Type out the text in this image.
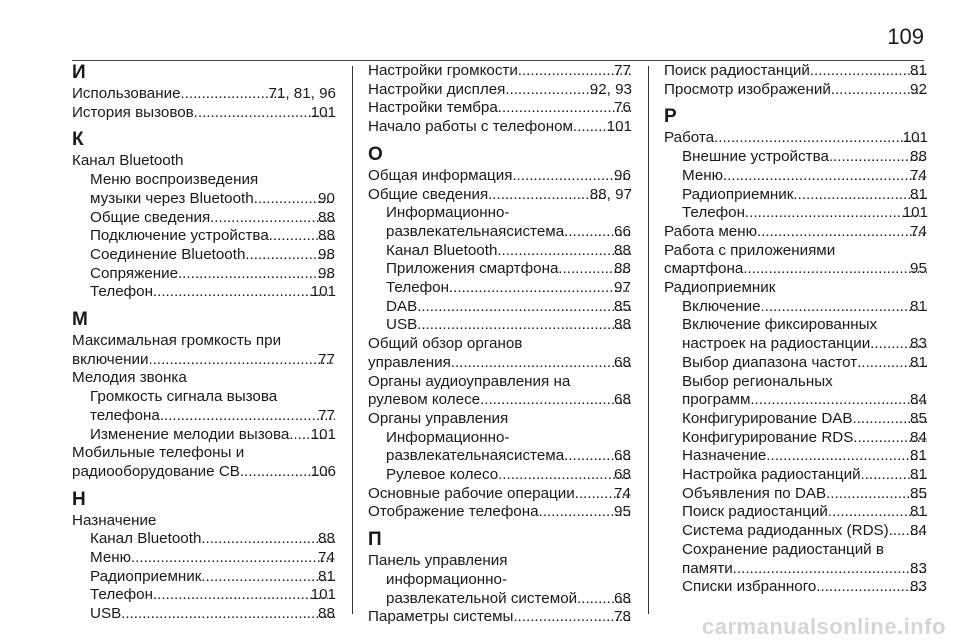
109
И
Использование .....	71, 81, 96
История вызовов .....	101
К
Канал Bluetooth
Меню воспроизведения
музыки через Bluetooth .....	90
Общие сведения .....	88
Подключение устройства .....	88
Соединение Bluetooth .....	98
Сопряжение .....	98
Телефон .....	101
М
Максимальная громкость при
включении .....	77
Мелодия звонка
Громкость сигнала вызова
телефона .....	77
Изменение мелодии вызова. ..... 101
Мобильные телефоны и
радиооборудование СВ .....	106
Н
Назначение
Канал Bluetooth .....	88
Меню .....	74
Радиоприемник .....	81
Телефон .....	101
USB .....	88
Настройки громкости .....	77
Настройки дисплея .....	92, 93
Настройки тембра .....	76
Начало работы с телефоном ..... 101
О
Общая информация .....	96
Общие сведения .....	88, 97
Информационно-
развлекательнаясистема .....	66
Канал Bluetooth .....	88
Приложения смартфона .....	88
Телефон .....	97
DAB .....	85
USB .....	88
Общий обзор органов
управления .....	68
Органы аудиоуправления на
рулевом колесе .....	68
Органы управления
Информационно-
развлекательнаясистема .....	68
Рулевое колесо .....	68
Основные рабочие операции .....	74
Отображение телефона .....	95
П
Панель управления
информационно-
развлекательной системой ..... 68
Параметры системы .....	78
Поиск радиостанций .....	81
Просмотр изображений .....	92
Р
Работа .....	101
Внешние устройства .....	88
Меню .....	74
Радиоприемник .....	81
Телефон .....	101
Работа меню .....	74
Работа с приложениями
смартфона .....	95
Радиоприемник
Включение .....	81
Включение фиксированных
настроек на радиостанции .....	83
Выбор диапазона частот .....	81
Выбор региональных
программ .....	84
Конфигурирование DAB .....	85
Конфигурирование RDS .....	84
Назначение .....	81
Настройка радиостанций .....	81
Объявления по DAB .....	85
Поиск радиостанций .....	81
Система радиоданных (RDS) ..... 84
Сохранение радиостанций в
памяти .....	83
Списки избранного .....	83
carmanualsonline.info
